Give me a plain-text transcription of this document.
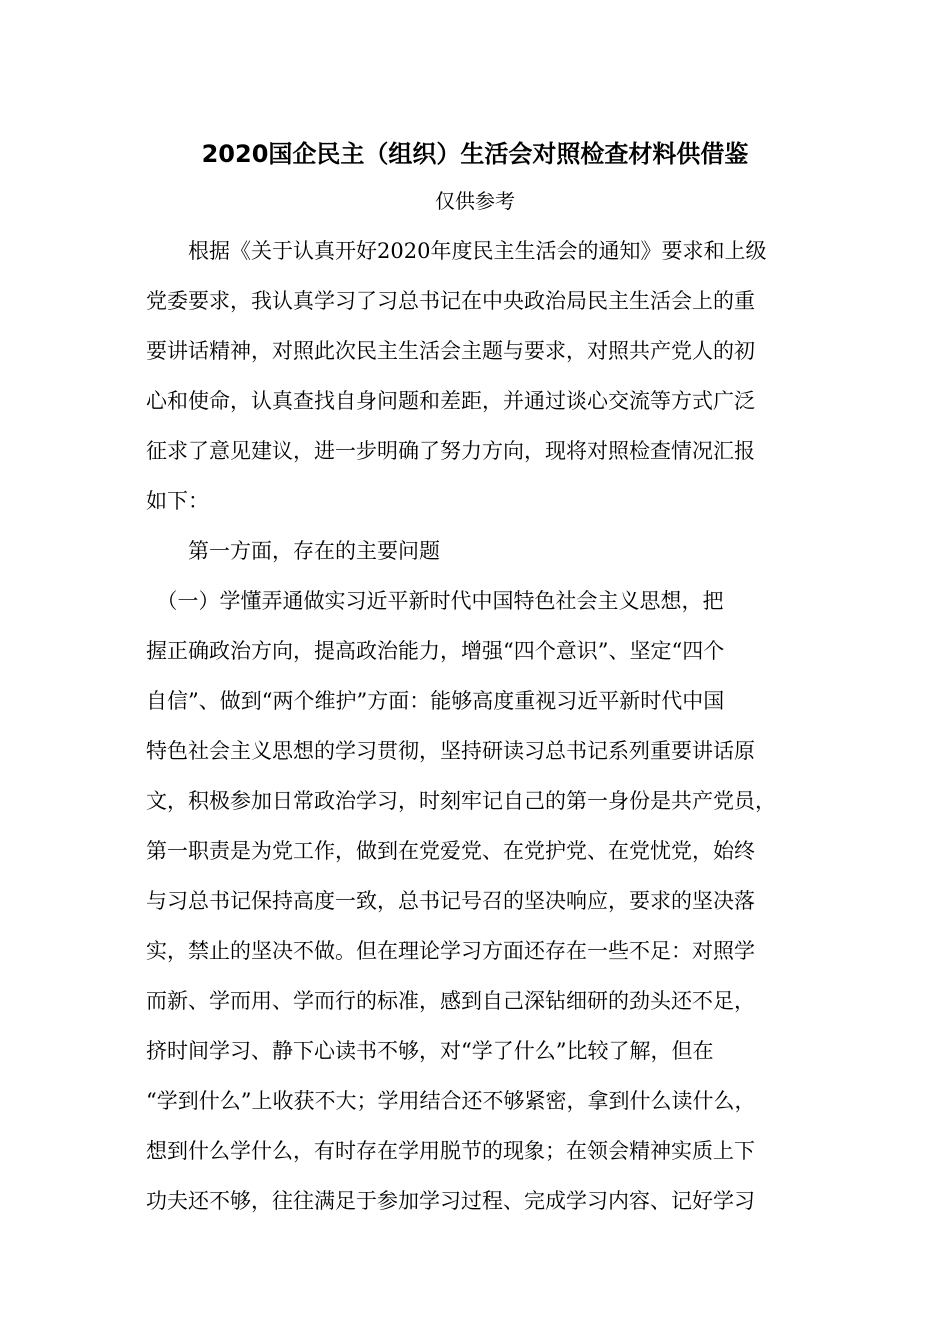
2020国企民主（组织）生活会对照检查材料供借鉴
仅供参考
　　根据《关于认真开好2020年度民主生活会的通知》要求和上级
党委要求，我认真学习了习总书记在中央政治局民主生活会上的重
要讲话精神，对照此次民主生活会主题与要求，对照共产党人的初
心和使命，认真查找自身问题和差距，并通过谈心交流等方式广泛
征求了意见建议，进一步明确了努力方向，现将对照检查情况汇报
如下：
　　第一方面，存在的主要问题
　（一）学懂弄通做实习近平新时代中国特色社会主义思想，把
握正确政治方向，提高政治能力，增强“四个意识”、坚定“四个
自信”、做到“两个维护”方面：能够高度重视习近平新时代中国
特色社会主义思想的学习贯彻，坚持研读习总书记系列重要讲话原
文，积极参加日常政治学习，时刻牢记自己的第一身份是共产党员，
第一职责是为党工作，做到在党爱党、在党护党、在党忧党，始终
与习总书记保持高度一致，总书记号召的坚决响应，要求的坚决落
实，禁止的坚决不做。但在理论学习方面还存在一些不足：对照学
而新、学而用、学而行的标准，感到自己深钻细研的劲头还不足，
挤时间学习、静下心读书不够，对“学了什么”比较了解，但在
“学到什么”上收获不大；学用结合还不够紧密，拿到什么读什么，
想到什么学什么，有时存在学用脱节的现象；在领会精神实质上下
功夫还不够，往往满足于参加学习过程、完成学习内容、记好学习
